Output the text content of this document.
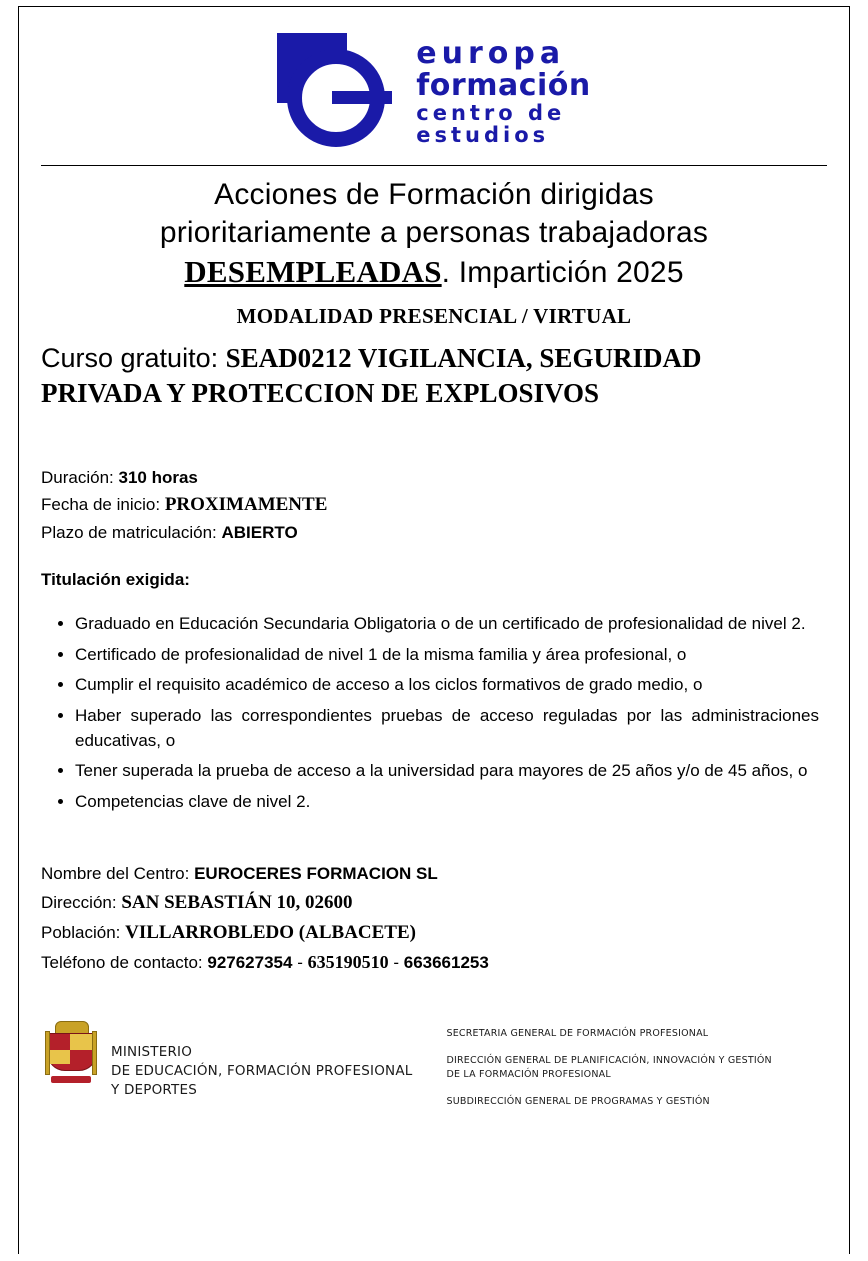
europa
formación
centro de
estudios
Acciones de Formación dirigidas
prioritariamente a personas trabajadoras
DESEMPLEADAS. Impartición 2025
MODALIDAD PRESENCIAL / VIRTUAL
Curso gratuito: SEAD0212 VIGILANCIA, SEGURIDAD PRIVADA Y PROTECCION DE EXPLOSIVOS
Duración: 310 horas
Fecha de inicio: PROXIMAMENTE
Plazo de matriculación: ABIERTO
Titulación exigida:
• Graduado en Educación Secundaria Obligatoria o de un certificado de profesionalidad de nivel 2.
• Certificado de profesionalidad de nivel 1 de la misma familia y área profesional, o
• Cumplir el requisito académico de acceso a los ciclos formativos de grado medio, o
• Haber superado las correspondientes pruebas de acceso reguladas por las administraciones educativas, o
• Tener superada la prueba de acceso a la universidad para mayores de 25 años y/o de 45 años, o
• Competencias clave de nivel 2.
Nombre del Centro: EUROCERES FORMACION SL
Dirección: SAN SEBASTIÁN 10, 02600
Población: VILLARROBLEDO (ALBACETE)
Teléfono de contacto: 927627354 - 635190510 - 663661253
MINISTERIO
DE EDUCACIÓN, FORMACIÓN PROFESIONAL
Y DEPORTES

SECRETARIA GENERAL DE FORMACIÓN PROFESIONAL

DIRECCIÓN GENERAL DE PLANIFICACIÓN, INNOVACIÓN Y GESTIÓN DE LA FORMACIÓN PROFESIONAL

SUBDIRECCIÓN GENERAL DE PROGRAMAS Y GESTIÓN
